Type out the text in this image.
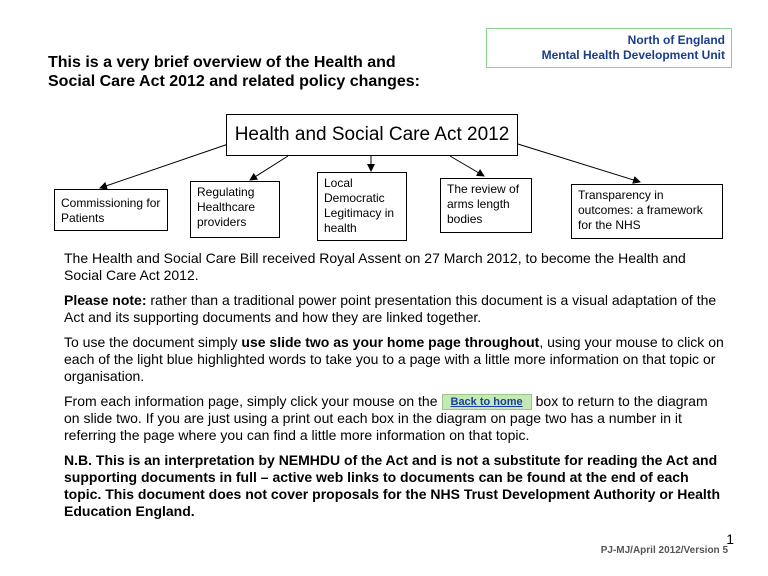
This is a very brief overview of the Health and
Social Care Act 2012 and related policy changes:
North of England
Mental Health Development Unit
Health and Social Care Act 2012
Commissioning for Patients
Regulating Healthcare providers
Local Democratic Legitimacy in health
The review of arms length bodies
Transparency in outcomes: a framework for the NHS

The Health and Social Care Bill received Royal Assent on 27 March 2012, to become the Health and Social Care Act 2012.

Please note: rather than a traditional power point presentation this document is a visual adaptation of the Act and its supporting documents and how they are linked together.

To use the document simply use slide two as your home page throughout, using your mouse to click on each of the light blue highlighted words to take you to a page with a little more information on that topic or organisation.

From each information page, simply click your mouse on the Back to home box to return to the diagram on slide two. If you are just using a print out each box in the diagram on page two has a number in it referring the page where you can find a little more information on that topic.

N.B. This is an interpretation by NEMHDU of the Act and is not a substitute for reading the Act and supporting documents in full – active web links to documents can be found at the end of each topic. This document does not cover proposals for the NHS Trust Development Authority or Health Education England.

1
PJ-MJ/April 2012/Version 5
